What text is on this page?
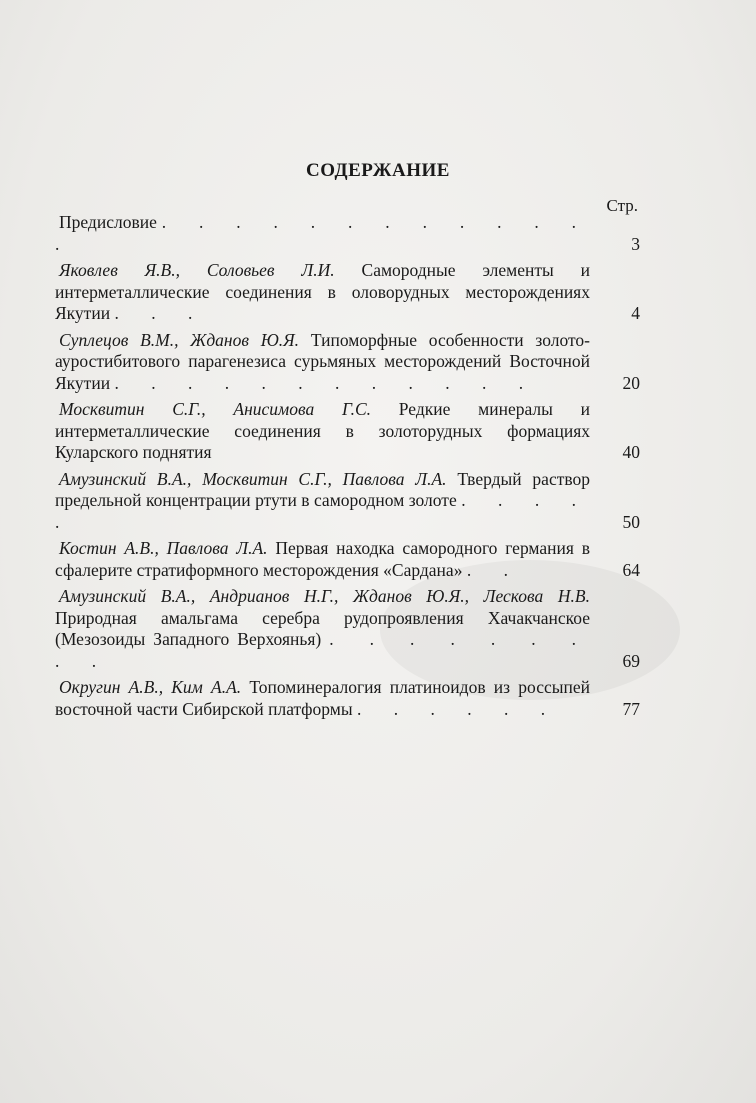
СОДЕРЖАНИЕ
Стр.
Предисловие . . . . . . . . . . . . .	3
Яковлев Я.В., Соловьев Л.И. Самородные элементы и интерметаллические соединения в оловорудных месторождениях Якутии . . .	4
Суплецов В.М., Жданов Ю.Я. Типоморфные особенности золото-ауростибитового парагенезиса сурьмяных месторождений Восточной Якутии . . . . . . . . . . . .	20
Москвитин С.Г., Анисимова Г.С. Редкие минералы и интерметаллические соединения в золоторудных формациях Куларского поднятия	40
Амузинский В.А., Москвитин С.Г., Павлова Л.А. Твердый раствор предельной концентрации ртути в самородном золоте . . . . .	50
Костин А.В., Павлова Л.А. Первая находка самородного германия в сфалерите стратиформного месторождения «Сардана» . .	64
Амузинский В.А., Андрианов Н.Г., Жданов Ю.Я., Лескова Н.В. Природная амальгама серебра рудопроявления Хачакчанское (Мезозоиды Западного Верхоянья) . . . . . . . . .	69
Округин А.В., Ким А.А. Топоминералогия платиноидов из россыпей восточной части Сибирской платформы . . . . . .	77
